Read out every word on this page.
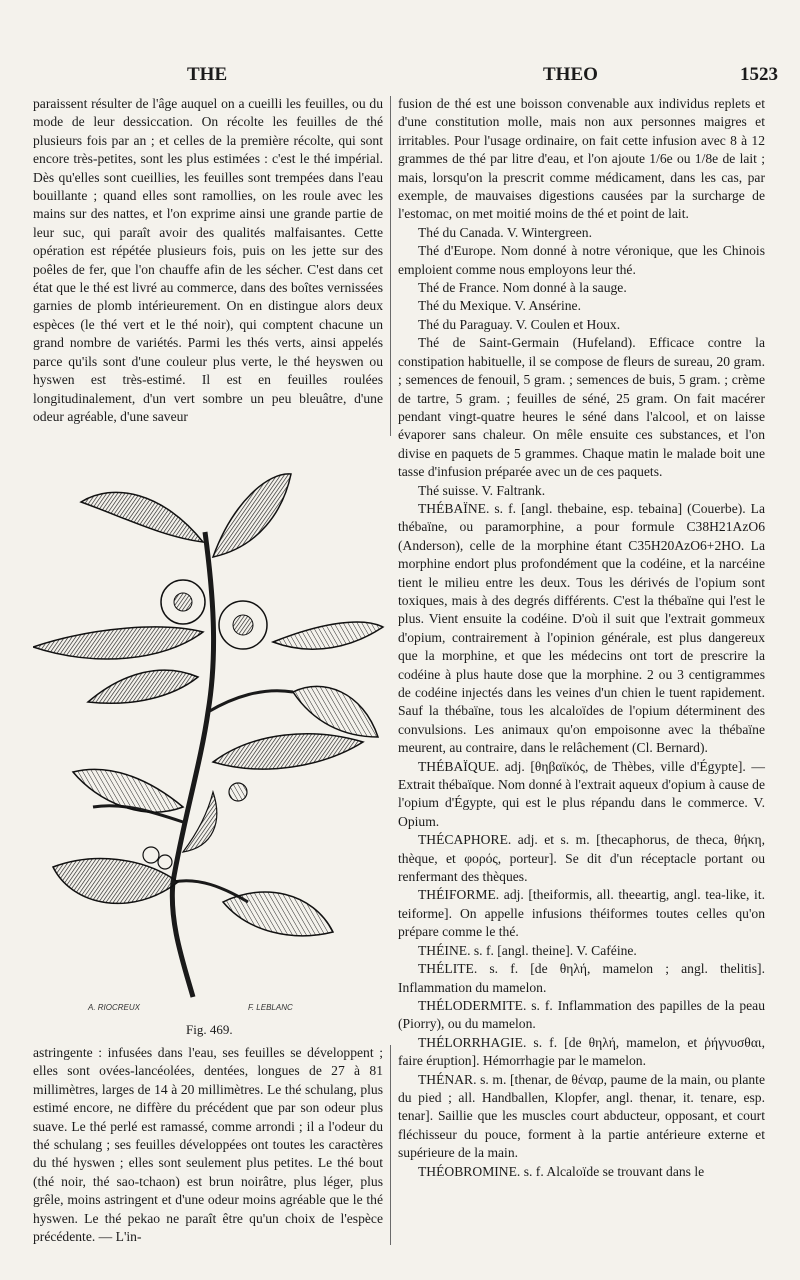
THE	THEO	1523

paraissent résulter de l'âge auquel on a cueilli les feuilles, ou du mode de leur dessiccation. On récolte les feuilles de thé plusieurs fois par an ; et celles de la première récolte, qui sont encore très-petites, sont les plus estimées : c'est le thé impérial. Dès qu'elles sont cueillies, les feuilles sont trempées dans l'eau bouillante ; quand elles sont ramollies, on les roule avec les mains sur des nattes, et l'on exprime ainsi une grande partie de leur suc, qui paraît avoir des qualités malfaisantes. Cette opération est répétée plusieurs fois, puis on les jette sur des poêles de fer, que l'on chauffe afin de les sécher. C'est dans cet état que le thé est livré au commerce, dans des boîtes vernissées garnies de plomb intérieurement. On en distingue alors deux espèces (le thé vert et le thé noir), qui comptent chacune un grand nombre de variétés. Parmi les thés verts, ainsi appelés parce qu'ils sont d'une couleur plus verte, le thé heyswen ou hyswen est très-estimé. Il est en feuilles roulées longitudinalement, d'un vert sombre un peu bleuâtre, d'une odeur agréable, d'une saveur

A. RIOCREUX	F. LEBLANC
Fig. 469.

astringente : infusées dans l'eau, ses feuilles se développent ; elles sont ovées-lancéolées, dentées, longues de 27 à 81 millimètres, larges de 14 à 20 millimètres. Le thé schulang, plus estimé encore, ne diffère du précédent que par son odeur plus suave. Le thé perlé est ramassé, comme arrondi ; il a l'odeur du thé schulang ; ses feuilles développées ont toutes les caractères du thé hyswen ; elles sont seulement plus petites. Le thé bout (thé noir, thé sao-tchaon) est brun noirâtre, plus léger, plus grêle, moins astringent et d'une odeur moins agréable que le thé hyswen. Le thé pekao ne paraît être qu'un choix de l'espèce précédente. — L'in-

fusion de thé est une boisson convenable aux individus replets et d'une constitution molle, mais non aux personnes maigres et irritables. Pour l'usage ordinaire, on fait cette infusion avec 8 à 12 grammes de thé par litre d'eau, et l'on ajoute 1/6e ou 1/8e de lait ; mais, lorsqu'on la prescrit comme médicament, dans les cas, par exemple, de mauvaises digestions causées par la surcharge de l'estomac, on met moitié moins de thé et point de lait.

Thé du Canada. V. Wintergreen.

Thé d'Europe. Nom donné à notre véronique, que les Chinois emploient comme nous employons leur thé.

Thé de France. Nom donné à la sauge.

Thé du Mexique. V. Ansérine.

Thé du Paraguay. V. Coulen et Houx.

Thé de Saint-Germain (Hufeland). Efficace contre la constipation habituelle, il se compose de fleurs de sureau, 20 gram. ; semences de fenouil, 5 gram. ; semences de buis, 5 gram. ; crème de tartre, 5 gram. ; feuilles de séné, 25 gram. On fait macérer pendant vingt-quatre heures le séné dans l'alcool, et on laisse évaporer sans chaleur. On mêle ensuite ces substances, et l'on divise en paquets de 5 grammes. Chaque matin le malade boit une tasse d'infusion préparée avec un de ces paquets.

Thé suisse. V. Faltrank.

THÉBAÏNE. s. f. [angl. thebaine, esp. tebaina] (Couerbe). La thébaïne, ou paramorphine, a pour formule C38H21AzO6 (Anderson), celle de la morphine étant C35H20AzO6+2HO. La morphine endort plus profondément que la codéine, et la narcéine tient le milieu entre les deux. Tous les dérivés de l'opium sont toxiques, mais à des degrés différents. C'est la thébaïne qui l'est le plus. Vient ensuite la codéine. D'où il suit que l'extrait gommeux d'opium, contrairement à l'opinion générale, est plus dangereux que la morphine, et que les médecins ont tort de prescrire la codéine à plus haute dose que la morphine. 2 ou 3 centigrammes de codéine injectés dans les veines d'un chien le tuent rapidement. Sauf la thébaïne, tous les alcaloïdes de l'opium déterminent des convulsions. Les animaux qu'on empoisonne avec la thébaïne meurent, au contraire, dans le relâchement (Cl. Bernard).

THÉBAÏQUE. adj. [θηβαϊκός, de Thèbes, ville d'Égypte]. — Extrait thébaïque. Nom donné à l'extrait aqueux d'opium à cause de l'opium d'Égypte, qui est le plus répandu dans le commerce. V. Opium.

THÉCAPHORE. adj. et s. m. [thecaphorus, de theca, θήκη, thèque, et φορός, porteur]. Se dit d'un réceptacle portant ou renfermant des thèques.

THÉIFORME. adj. [theiformis, all. theeartig, angl. tea-like, it. teiforme]. On appelle infusions théiformes toutes celles qu'on prépare comme le thé.

THÉINE. s. f. [angl. theine]. V. Caféine.

THÉLITE. s. f. [de θηλή, mamelon ; angl. thelitis]. Inflammation du mamelon.

THÉLODERMITE. s. f. Inflammation des papilles de la peau (Piorry), ou du mamelon.

THÉLORRHAGIE. s. f. [de θηλή, mamelon, et ῥήγνυσθαι, faire éruption]. Hémorrhagie par le mamelon.

THÉNAR. s. m. [thenar, de θέναρ, paume de la main, ou plante du pied ; all. Handballen, Klopfer, angl. thenar, it. tenare, esp. tenar]. Saillie que les muscles court abducteur, opposant, et court fléchisseur du pouce, forment à la partie antérieure externe et supérieure de la main.

THÉOBROMINE. s. f. Alcaloïde se trouvant dans le
